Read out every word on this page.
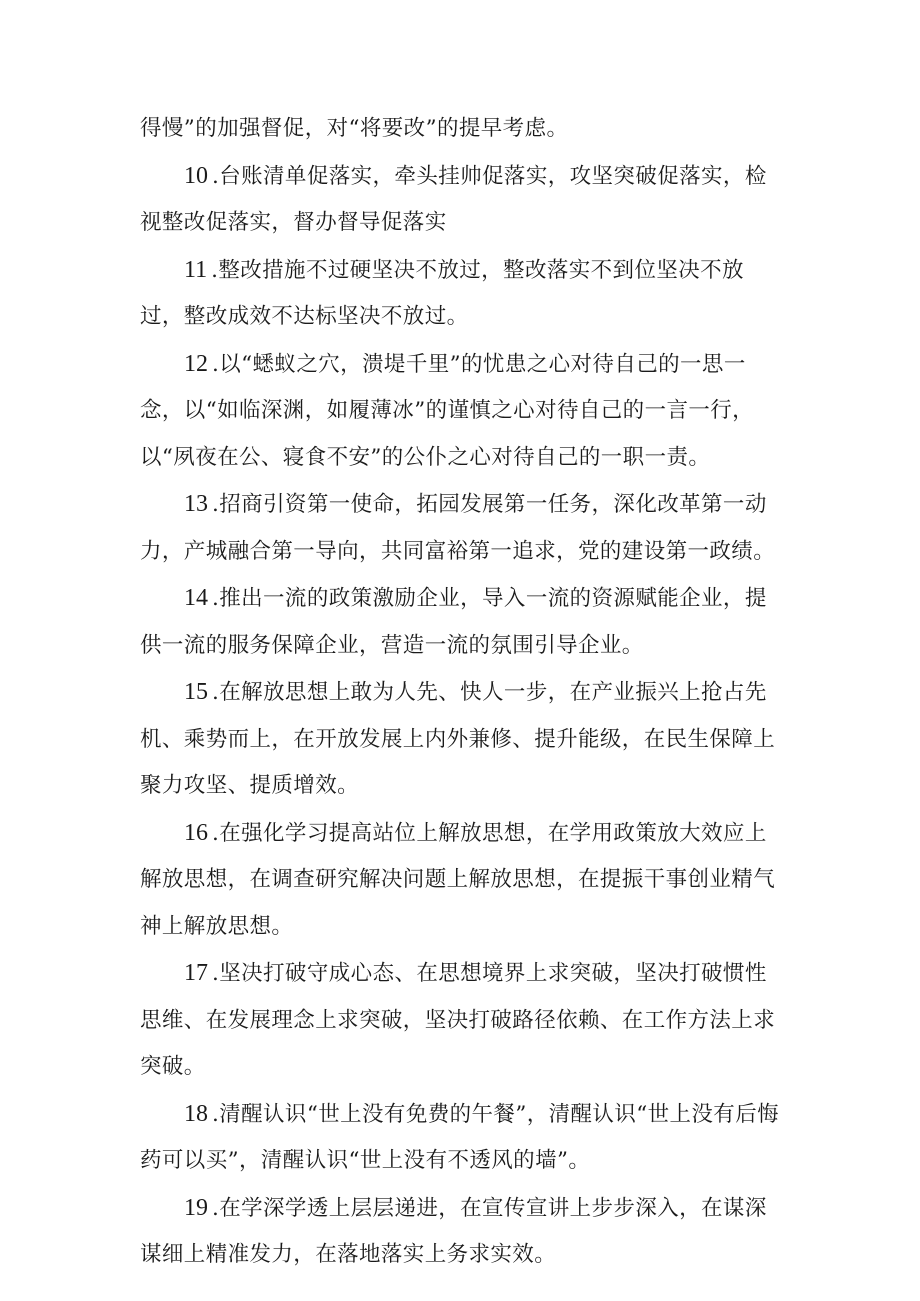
得慢”的加强督促，对“将要改”的提早考虑。

10 .台账清单促落实，牵头挂帅促落实，攻坚突破促落实，检视整改促落实，督办督导促落实

11 .整改措施不过硬坚决不放过，整改落实不到位坚决不放过，整改成效不达标坚决不放过。

12 .以“蟋蚁之穴，溃堤千里”的忧患之心对待自己的一思一念，以“如临深渊，如履薄冰”的谨慎之心对待自己的一言一行，以“夙夜在公、寝食不安”的公仆之心对待自己的一职一责。

13 .招商引资第一使命，拓园发展第一任务，深化改革第一动力，产城融合第一导向，共同富裕第一追求，党的建设第一政绩。

14 .推出一流的政策激励企业，导入一流的资源赋能企业，提供一流的服务保障企业，营造一流的氛围引导企业。

15 .在解放思想上敢为人先、快人一步，在产业振兴上抢占先机、乘势而上，在开放发展上内外兼修、提升能级，在民生保障上聚力攻坚、提质增效。

16 .在强化学习提高站位上解放思想，在学用政策放大效应上解放思想，在调查研究解决问题上解放思想，在提振干事创业精气神上解放思想。

17 .坚决打破守成心态、在思想境界上求突破，坚决打破惯性思维、在发展理念上求突破，坚决打破路径依赖、在工作方法上求突破。

18 .清醒认识“世上没有免费的午餐”，清醒认识“世上没有后悔药可以买”，清醒认识“世上没有不透风的墙”。

19 .在学深学透上层层递进，在宣传宣讲上步步深入，在谋深谋细上精准发力，在落地落实上务求实效。
